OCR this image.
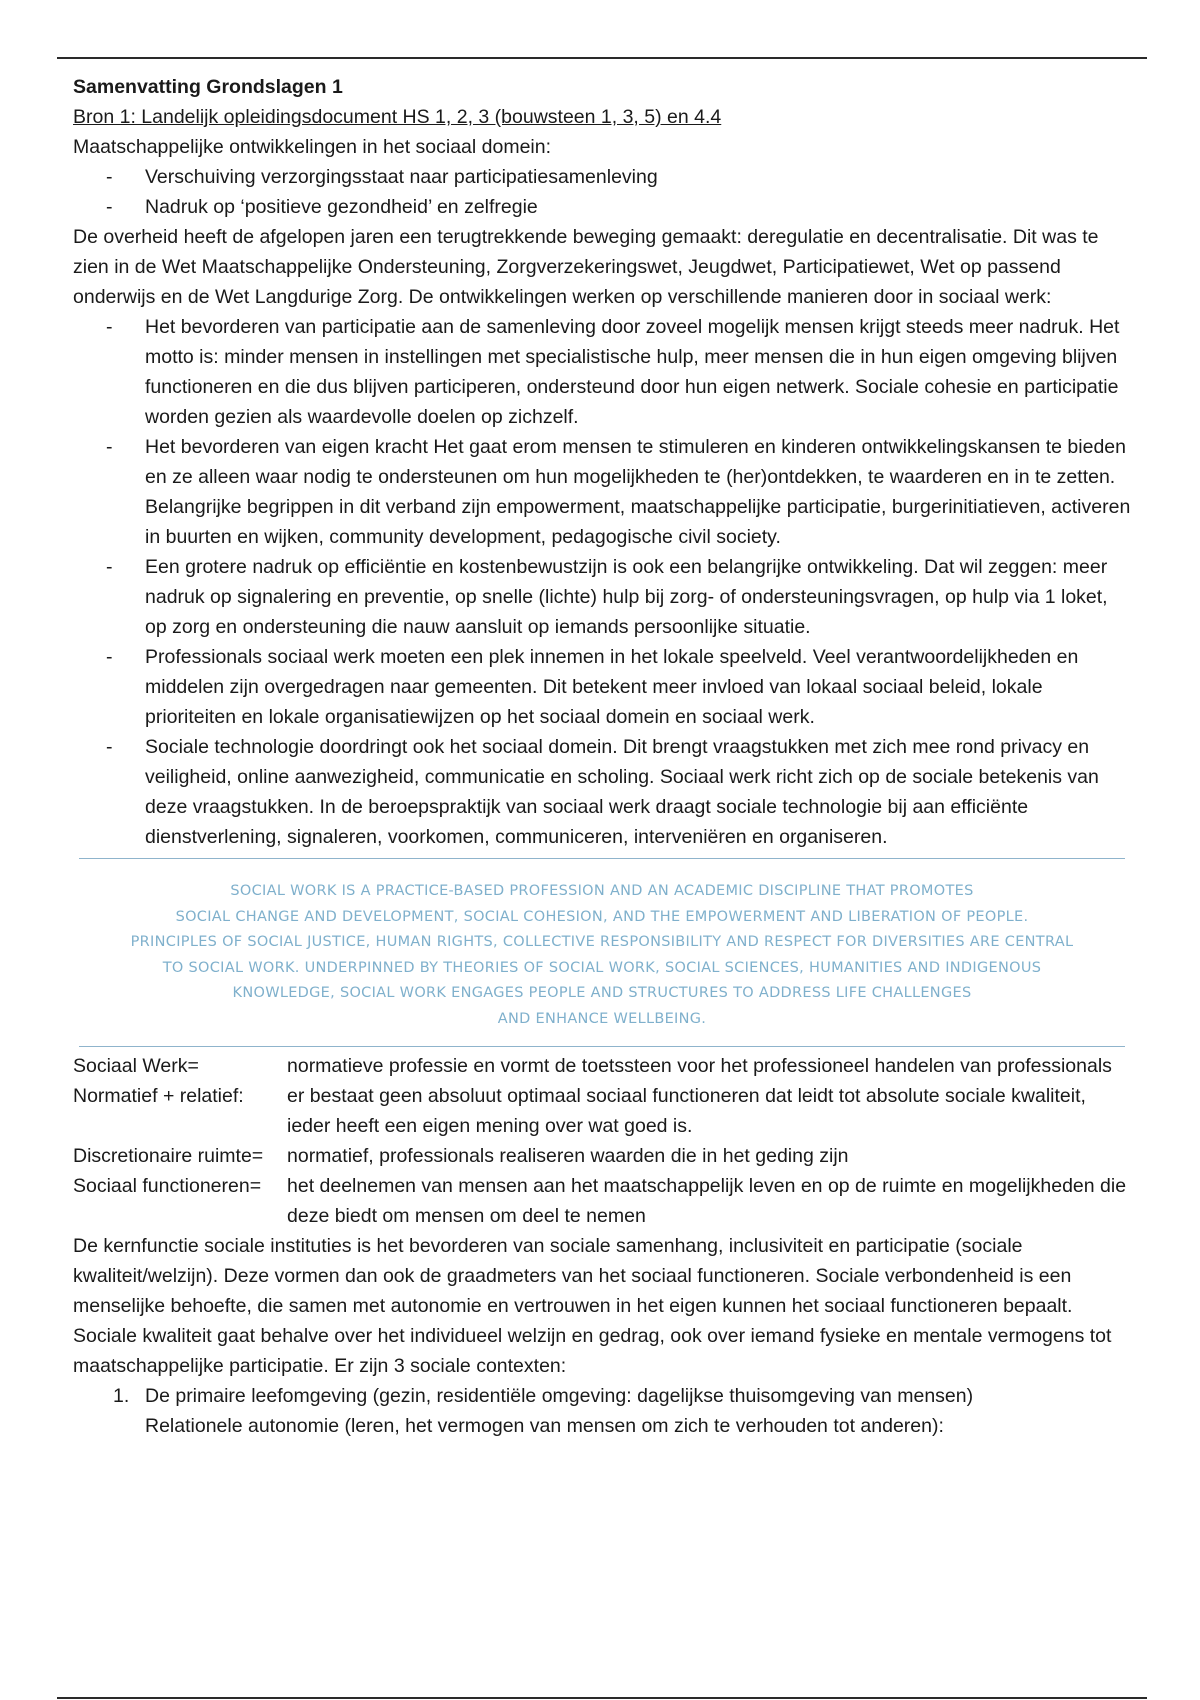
Samenvatting Grondslagen 1

Bron 1: Landelijk opleidingsdocument HS 1, 2, 3 (bouwsteen 1, 3, 5) en 4.4

Maatschappelijke ontwikkelingen in het sociaal domein:

- Verschuiving verzorgingsstaat naar participatiesamenleving
- Nadruk op ‘positieve gezondheid’ en zelfregie

De overheid heeft de afgelopen jaren een terugtrekkende beweging gemaakt: deregulatie en decentralisatie. Dit was te zien in de Wet Maatschappelijke Ondersteuning, Zorgverzekeringswet, Jeugdwet, Participatiewet, Wet op passend onderwijs en de Wet Langdurige Zorg. De ontwikkelingen werken op verschillende manieren door in sociaal werk:

- Het bevorderen van participatie aan de samenleving door zoveel mogelijk mensen krijgt steeds meer nadruk. Het motto is: minder mensen in instellingen met specialistische hulp, meer mensen die in hun eigen omgeving blijven functioneren en die dus blijven participeren, ondersteund door hun eigen netwerk. Sociale cohesie en participatie worden gezien als waardevolle doelen op zichzelf.
- Het bevorderen van eigen kracht Het gaat erom mensen te stimuleren en kinderen ontwikkelingskansen te bieden en ze alleen waar nodig te ondersteunen om hun mogelijkheden te (her)ontdekken, te waarderen en in te zetten. Belangrijke begrippen in dit verband zijn empowerment, maatschappelijke participatie, burgerinitiatieven, activeren in buurten en wijken, community development, pedagogische civil society.
- Een grotere nadruk op efficiëntie en kostenbewustzijn is ook een belangrijke ontwikkeling. Dat wil zeggen: meer nadruk op signalering en preventie, op snelle (lichte) hulp bij zorg- of ondersteuningsvragen, op hulp via 1 loket, op zorg en ondersteuning die nauw aansluit op iemands persoonlijke situatie.
- Professionals sociaal werk moeten een plek innemen in het lokale speelveld. Veel verantwoordelijkheden en middelen zijn overgedragen naar gemeenten. Dit betekent meer invloed van lokaal sociaal beleid, lokale prioriteiten en lokale organisatiewijzen op het sociaal domein en sociaal werk.
- Sociale technologie doordringt ook het sociaal domein. Dit brengt vraagstukken met zich mee rond privacy en veiligheid, online aanwezigheid, communicatie en scholing. Sociaal werk richt zich op de sociale betekenis van deze vraagstukken. In de beroepspraktijk van sociaal werk draagt sociale technologie bij aan efficiënte dienstverlening, signaleren, voorkomen, communiceren, interveniëren en organiseren.
SOCIAL WORK IS A PRACTICE-BASED PROFESSION AND AN ACADEMIC DISCIPLINE THAT PROMOTES
SOCIAL CHANGE AND DEVELOPMENT, SOCIAL COHESION, AND THE EMPOWERMENT AND LIBERATION OF PEOPLE.
PRINCIPLES OF SOCIAL JUSTICE, HUMAN RIGHTS, COLLECTIVE RESPONSIBILITY AND RESPECT FOR DIVERSITIES ARE CENTRAL
TO SOCIAL WORK. UNDERPINNED BY THEORIES OF SOCIAL WORK, SOCIAL SCIENCES, HUMANITIES AND INDIGENOUS
KNOWLEDGE, SOCIAL WORK ENGAGES PEOPLE AND STRUCTURES TO ADDRESS LIFE CHALLENGES
AND ENHANCE WELLBEING.
Sociaal Werk=	normatieve professie en vormt de toetssteen voor het professioneel handelen van professionals
Normatief + relatief:	er bestaat geen absoluut optimaal sociaal functioneren dat leidt tot absolute sociale kwaliteit, ieder heeft een eigen mening over wat goed is.
Discretionaire ruimte=	normatief, professionals realiseren waarden die in het geding zijn
Sociaal functioneren=	het deelnemen van mensen aan het maatschappelijk leven en op de ruimte en mogelijkheden die deze biedt om mensen om deel te nemen

De kernfunctie sociale instituties is het bevorderen van sociale samenhang, inclusiviteit en participatie (sociale kwaliteit/welzijn). Deze vormen dan ook de graadmeters van het sociaal functioneren. Sociale verbondenheid is een menselijke behoefte, die samen met autonomie en vertrouwen in het eigen kunnen het sociaal functioneren bepaalt. Sociale kwaliteit gaat behalve over het individueel welzijn en gedrag, ook over iemand fysieke en mentale vermogens tot maatschappelijke participatie. Er zijn 3 sociale contexten:

1. De primaire leefomgeving (gezin, residentiële omgeving: dagelijkse thuisomgeving van mensen)
Relationele autonomie (leren, het vermogen van mensen om zich te verhouden tot anderen):
